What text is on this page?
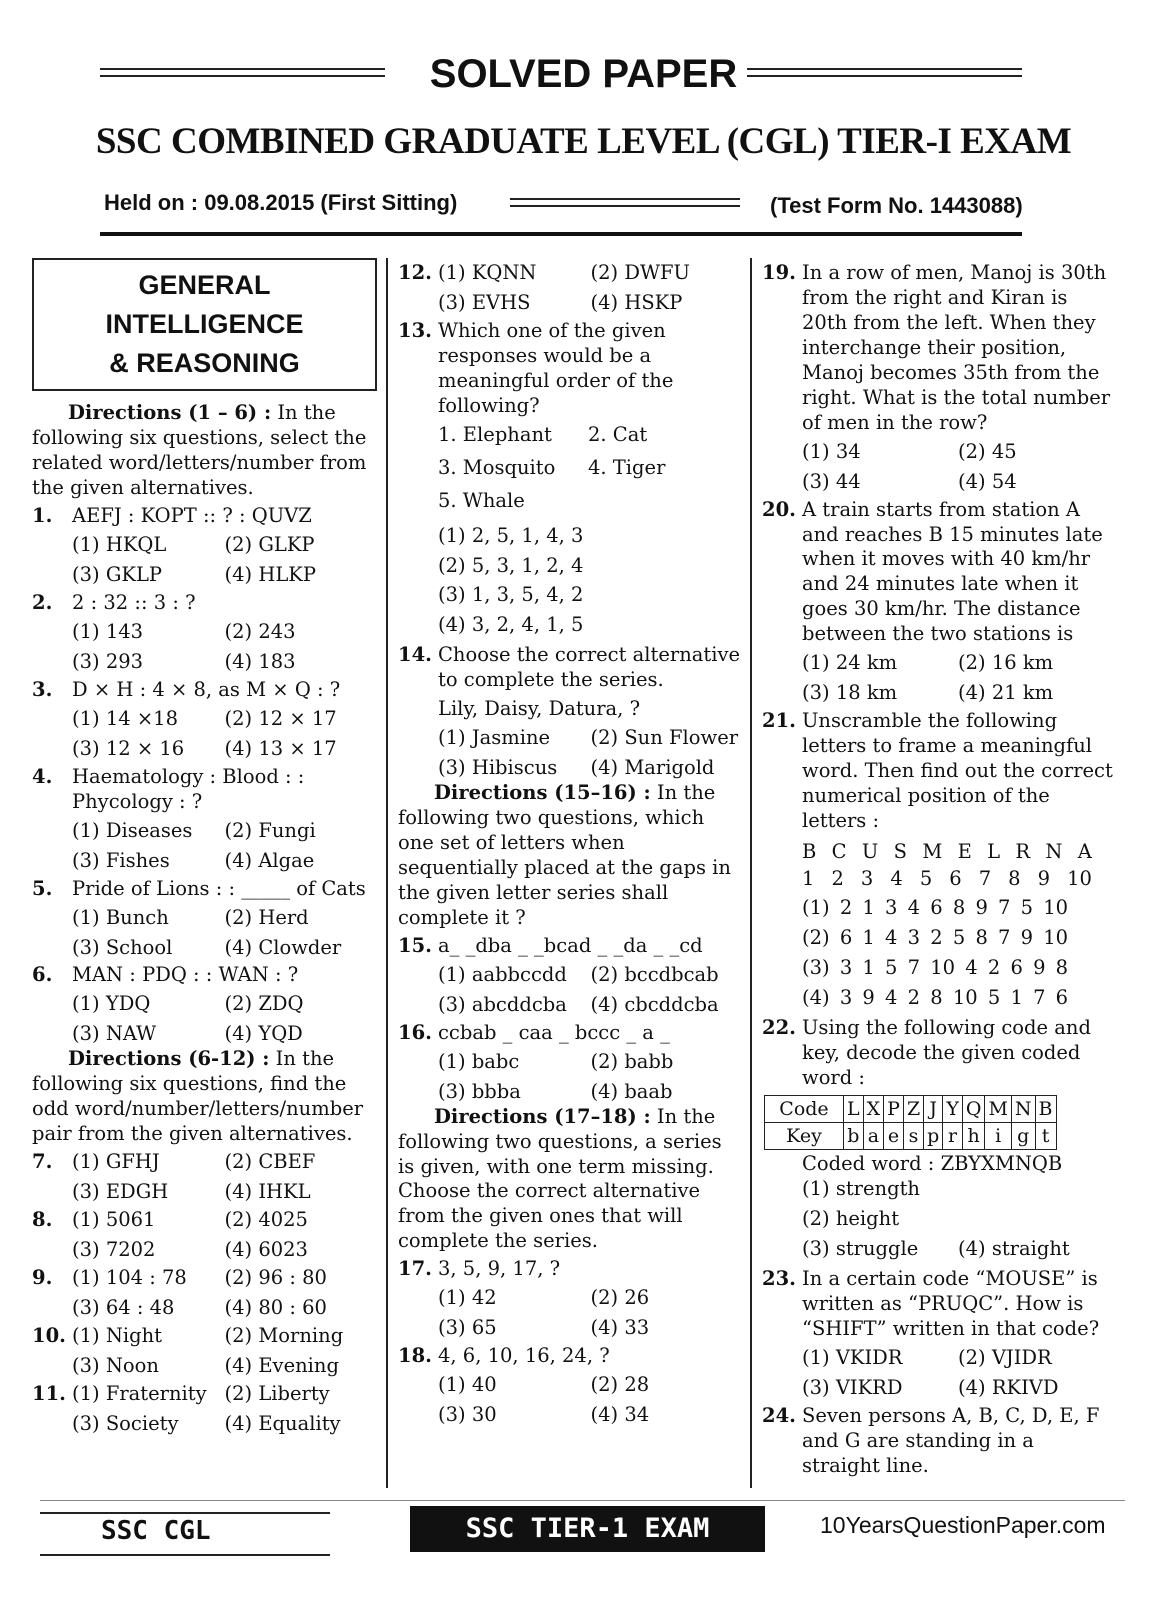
SOLVED PAPER
SSC COMBINED GRADUATE LEVEL (CGL) TIER-I EXAM
Held on : 09.08.2015 (First Sitting)	(Test Form No. 1443088)
GENERAL INTELLIGENCE
& REASONING

Directions (1 – 6) : In the following six questions, select the related word/letters/number from the given alternatives.

1.	AEFJ : KOPT :: ? : QUVZ
(1) HKQL	(2) GLKP
(3) GKLP	(4) HLKP
2.	2 : 32 :: 3 : ?
(1) 143	(2) 243
(3) 293	(4) 183
3.	D × H : 4 × 8, as M × Q : ?
(1) 14 ×18	(2) 12 × 17
(3) 12 × 16	(4) 13 × 17
4.	Haematology : Blood : : Phycology : ?
(1) Diseases	(2) Fungi
(3) Fishes	(4) Algae
5.	Pride of Lions : : _____ of Cats
(1) Bunch	(2) Herd
(3) School	(4) Clowder
6.	MAN : PDQ : : WAN : ?
(1) YDQ	(2) ZDQ
(3) NAW	(4) YQD

Directions (6-12) : In the following six questions, find the odd word/number/letters/number pair from the given alternatives.

7.	(1) GFHJ	(2) CBEF
(3) EDGH	(4) IHKL
8.	(1) 5061	(2) 4025
(3) 7202	(4) 6023
9.	(1) 104 : 78	(2) 96 : 80
(3) 64 : 48	(4) 80 : 60
10. (1) Night	(2) Morning
(3) Noon	(4) Evening
11. (1) Fraternity (2) Liberty
(3) Society	(4) Equality
12. (1) KQNN	(2) DWFU
(3) EVHS	(4) HSKP
13. Which one of the given responses would be a meaningful order of the following?
1. Elephant	2. Cat
3. Mosquito	4. Tiger
5. Whale
(1) 2, 5, 1, 4, 3
(2) 5, 3, 1, 2, 4
(3) 1, 3, 5, 4, 2
(4) 3, 2, 4, 1, 5
14. Choose the correct alternative to complete the series.
Lily, Daisy, Datura, ?
(1) Jasmine	(2) Sun Flower
(3) Hibiscus	(4) Marigold

Directions (15–16) : In the following two questions, which one set of letters when sequentially placed at the gaps in the given letter series shall complete it ?

15. a_ _dba _ _bcad _ _da _ _cd
(1) aabbccdd	(2) bccdbcab
(3) abcddcba	(4) cbcddcba
16. ccbab _ caa _ bccc _ a _
(1) babc	(2) babb
(3) bbba	(4) baab

Directions (17–18) : In the following two questions, a series is given, with one term missing. Choose the correct alternative from the given ones that will complete the series.

17. 3, 5, 9, 17, ?
(1) 42	(2) 26
(3) 65	(4) 33
18. 4, 6, 10, 16, 24, ?
(1) 40	(2) 28
(3) 30	(4) 34
19. In a row of men, Manoj is 30th from the right and Kiran is 20th from the left. When they interchange their position, Manoj becomes 35th from the right. What is the total number of men in the row?
(1) 34	(2) 45
(3) 44	(4) 54
20. A train starts from station A and reaches B 15 minutes late when it moves with 40 km/hr and 24 minutes late when it goes 30 km/hr. The distance between the two stations is
(1) 24 km	(2) 16 km
(3) 18 km	(4) 21 km
21. Unscramble the following letters to frame a meaningful word. Then find out the correct numerical position of the letters :
B C U S M E L R N A
1 2 3 4 5 6 7 8 9 10
(1) 2 1 3 4 6 8 9 7 5 10
(2) 6 1 4 3 2 5 8 7 9 10
(3) 3 1 5 7 10 4 2 6 9 8
(4) 3 9 4 2 8 10 5 1 7 6
22. Using the following code and key, decode the given coded word :
Code	L	X	P	Z	J	Y	Q	M	N	B
Key	b	a	e	s	p	r	h	i	g	t
Coded word : ZBYXMNQB
(1) strength
(2) height
(3) struggle	(4) straight
23. In a certain code “MOUSE” is written as “PRUQC”. How is “SHIFT” written in that code?
(1) VKIDR	(2) VJIDR
(3) VIKRD	(4) RKIVD
24. Seven persons A, B, C, D, E, F and G are standing in a straight line.
SSC CGL	SSC TIER-1 EXAM	10YearsQuestionPaper.com
